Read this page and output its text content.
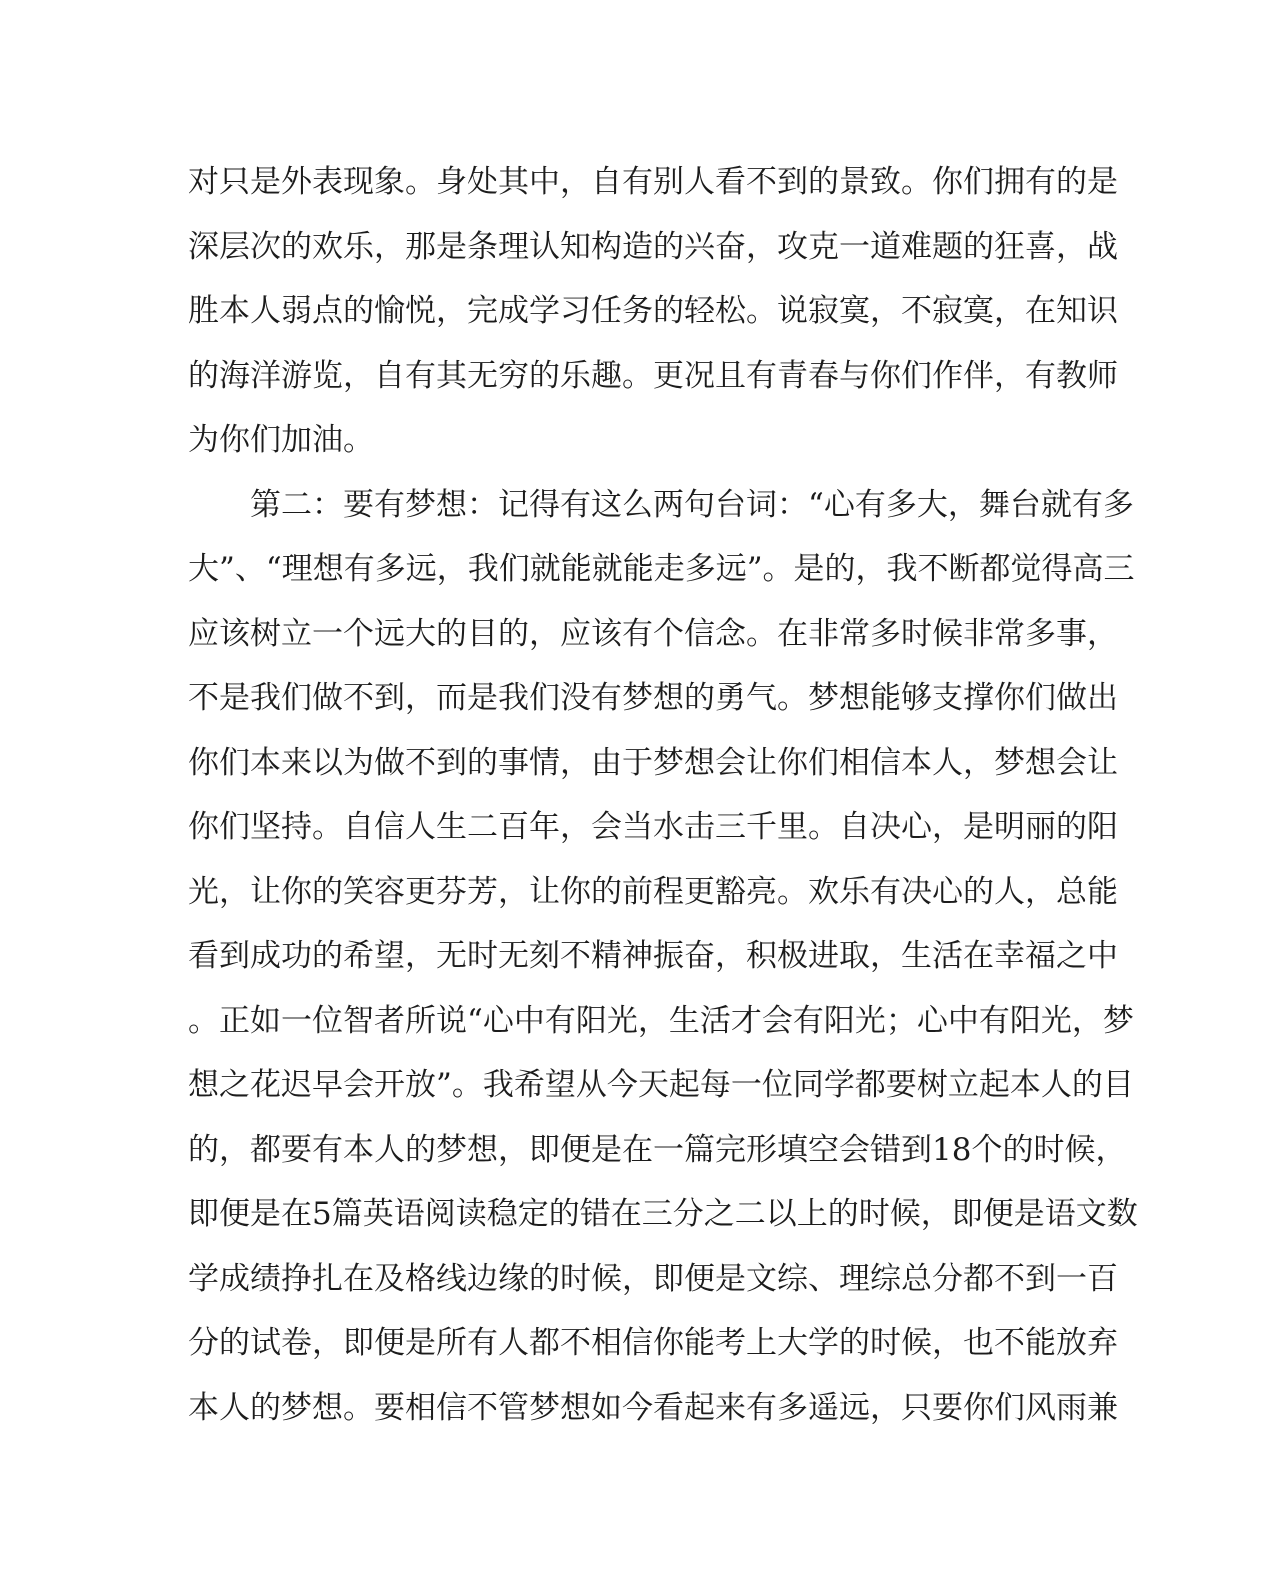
对只是外表现象。身处其中，自有别人看不到的景致。你们拥有的是
深层次的欢乐，那是条理认知构造的兴奋，攻克一道难题的狂喜，战
胜本人弱点的愉悦，完成学习任务的轻松。说寂寞，不寂寞，在知识
的海洋游览，自有其无穷的乐趣。更况且有青春与你们作伴，有教师
为你们加油。
　　第二：要有梦想：记得有这么两句台词：“心有多大，舞台就有多
大”、“理想有多远，我们就能就能走多远”。是的，我不断都觉得高三
应该树立一个远大的目的，应该有个信念。在非常多时候非常多事，
不是我们做不到，而是我们没有梦想的勇气。梦想能够支撑你们做出
你们本来以为做不到的事情，由于梦想会让你们相信本人，梦想会让
你们坚持。自信人生二百年，会当水击三千里。自决心，是明丽的阳
光，让你的笑容更芬芳，让你的前程更豁亮。欢乐有决心的人，总能
看到成功的希望，无时无刻不精神振奋，积极进取，生活在幸福之中
。正如一位智者所说“心中有阳光，生活才会有阳光；心中有阳光，梦
想之花迟早会开放”。我希望从今天起每一位同学都要树立起本人的目
的，都要有本人的梦想，即便是在一篇完形填空会错到18个的时候，
即便是在5篇英语阅读稳定的错在三分之二以上的时候，即便是语文数
学成绩挣扎在及格线边缘的时候，即便是文综、理综总分都不到一百
分的试卷，即便是所有人都不相信你能考上大学的时候，也不能放弃
本人的梦想。要相信不管梦想如今看起来有多遥远，只要你们风雨兼
